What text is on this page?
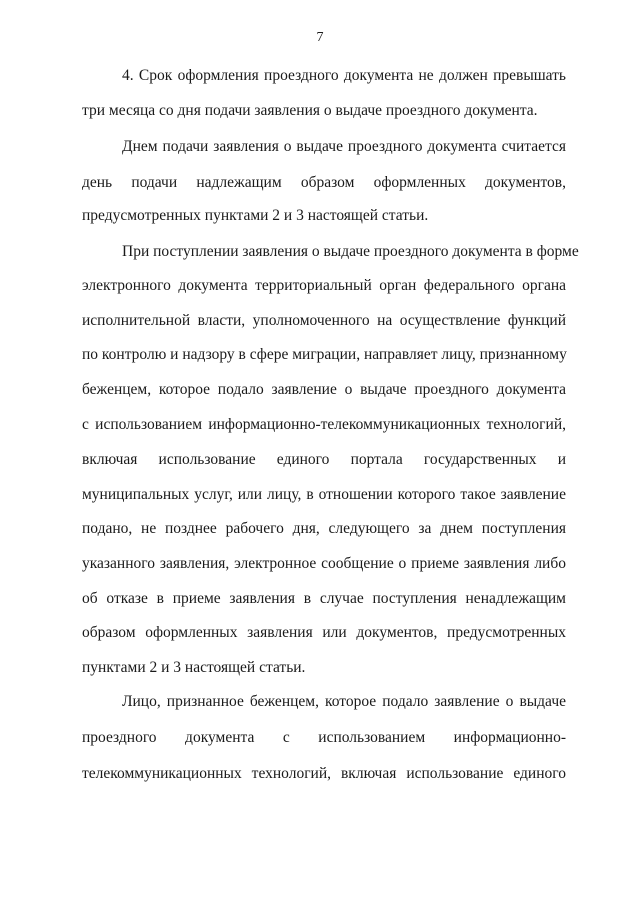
7
4. Срок оформления проездного документа не должен превышать
три месяца со дня подачи заявления о выдаче проездного документа.
Днем подачи заявления о выдаче проездного документа считается
день подачи надлежащим образом оформленных документов,
предусмотренных пунктами 2 и 3 настоящей статьи.
При поступлении заявления о выдаче проездного документа в форме
электронного документа территориальный орган федерального органа
исполнительной власти, уполномоченного на осуществление функций
по контролю и надзору в сфере миграции, направляет лицу, признанному
беженцем, которое подало заявление о выдаче проездного документа
с использованием информационно-телекоммуникационных технологий,
включая использование единого портала государственных и
муниципальных услуг, или лицу, в отношении которого такое заявление
подано, не позднее рабочего дня, следующего за днем поступления
указанного заявления, электронное сообщение о приеме заявления либо
об отказе в приеме заявления в случае поступления ненадлежащим
образом оформленных заявления или документов, предусмотренных
пунктами 2 и 3 настоящей статьи.
Лицо, признанное беженцем, которое подало заявление о выдаче
проездного документа с использованием информационно-
телекоммуникационных технологий, включая использование единого
